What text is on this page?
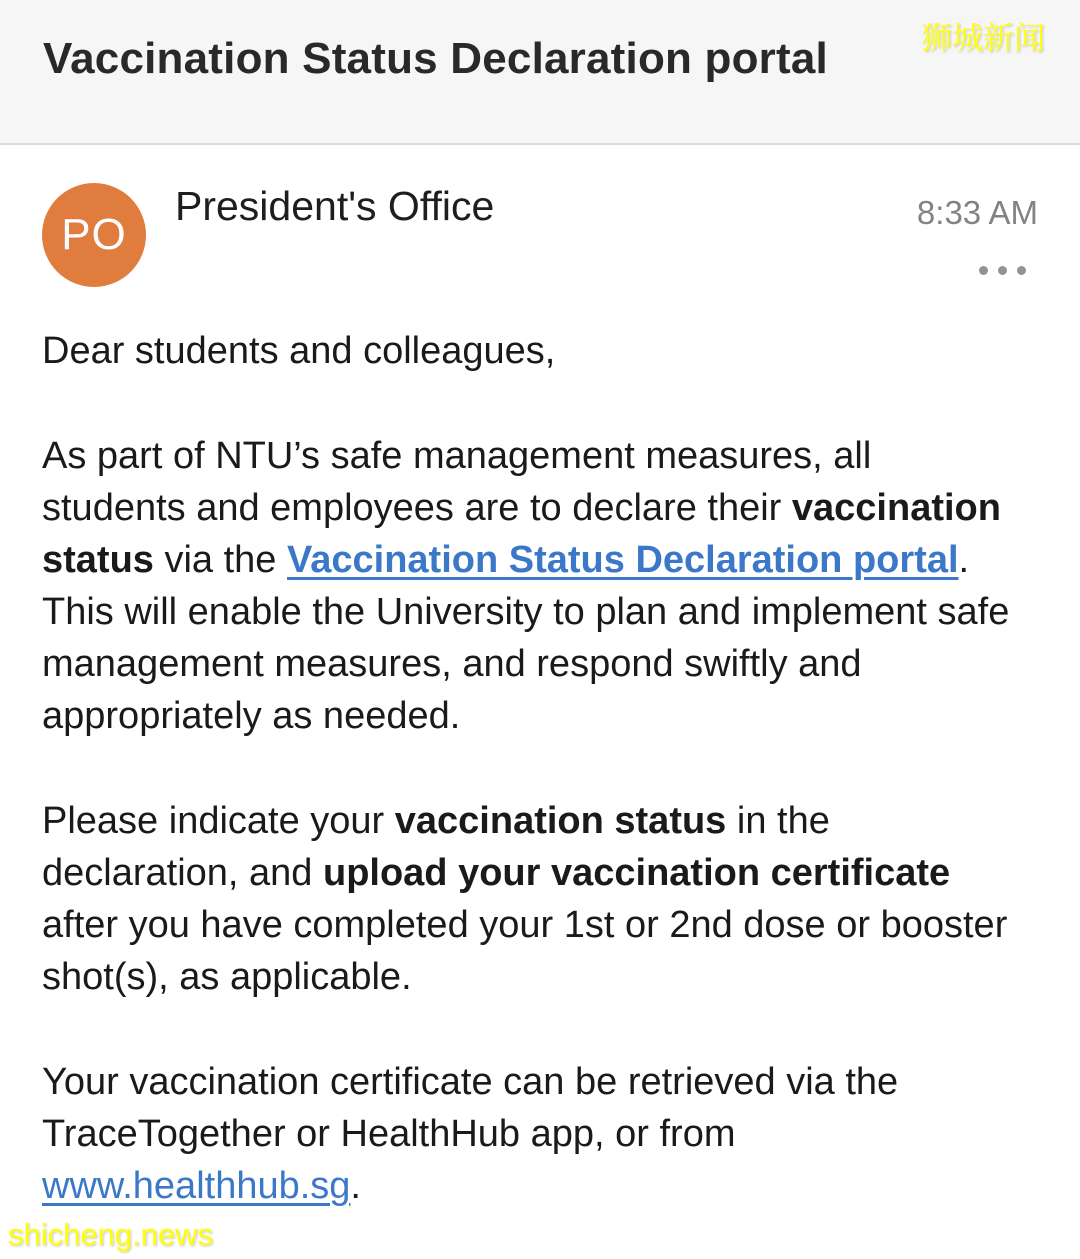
Vaccination Status Declaration portal	狮城新闻
PO
President's Office	8:33 AM

Dear students and colleagues,

As part of NTU’s safe management measures, all
students and employees are to declare their vaccination
status via the Vaccination Status Declaration portal.
This will enable the University to plan and implement safe
management measures, and respond swiftly and
appropriately as needed.

Please indicate your vaccination status in the
declaration, and upload your vaccination certificate
after you have completed your 1st or 2nd dose or booster
shot(s), as applicable.

Your vaccination certificate can be retrieved via the
TraceTogether or HealthHub app, or from
www.healthhub.sg.

shicheng.news
